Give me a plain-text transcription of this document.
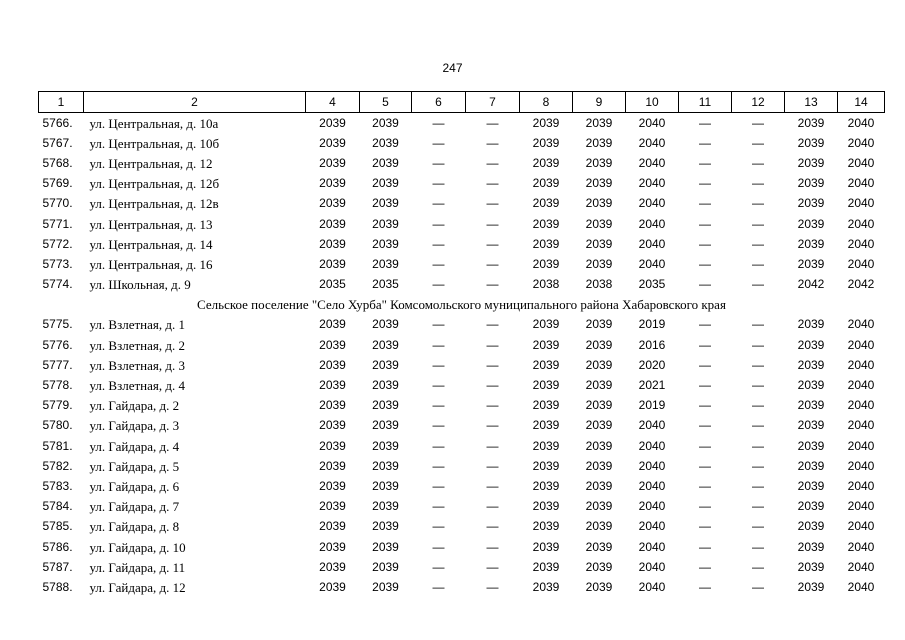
247
1	2	4	5	6	7	8	9	10	11	12	13	14
5766.	ул. Центральная, д. 10а	2039	2039	—	—	2039	2039	2040	—	—	2039	2040
5767.	ул. Центральная, д. 10б	2039	2039	—	—	2039	2039	2040	—	—	2039	2040
5768.	ул. Центральная, д. 12	2039	2039	—	—	2039	2039	2040	—	—	2039	2040
5769.	ул. Центральная, д. 12б	2039	2039	—	—	2039	2039	2040	—	—	2039	2040
5770.	ул. Центральная, д. 12в	2039	2039	—	—	2039	2039	2040	—	—	2039	2040
5771.	ул. Центральная, д. 13	2039	2039	—	—	2039	2039	2040	—	—	2039	2040
5772.	ул. Центральная, д. 14	2039	2039	—	—	2039	2039	2040	—	—	2039	2040
5773.	ул. Центральная, д. 16	2039	2039	—	—	2039	2039	2040	—	—	2039	2040
5774.	ул. Школьная, д. 9	2035	2035	—	—	2038	2038	2035	—	—	2042	2042
Сельское поселение "Село Хурба" Комсомольского муниципального района Хабаровского края												
5775.	ул. Взлетная, д. 1	2039	2039	—	—	2039	2039	2019	—	—	2039	2040
5776.	ул. Взлетная, д. 2	2039	2039	—	—	2039	2039	2016	—	—	2039	2040
5777.	ул. Взлетная, д. 3	2039	2039	—	—	2039	2039	2020	—	—	2039	2040
5778.	ул. Взлетная, д. 4	2039	2039	—	—	2039	2039	2021	—	—	2039	2040
5779.	ул. Гайдара, д. 2	2039	2039	—	—	2039	2039	2019	—	—	2039	2040
5780.	ул. Гайдара, д. 3	2039	2039	—	—	2039	2039	2040	—	—	2039	2040
5781.	ул. Гайдара, д. 4	2039	2039	—	—	2039	2039	2040	—	—	2039	2040
5782.	ул. Гайдара, д. 5	2039	2039	—	—	2039	2039	2040	—	—	2039	2040
5783.	ул. Гайдара, д. 6	2039	2039	—	—	2039	2039	2040	—	—	2039	2040
5784.	ул. Гайдара, д. 7	2039	2039	—	—	2039	2039	2040	—	—	2039	2040
5785.	ул. Гайдара, д. 8	2039	2039	—	—	2039	2039	2040	—	—	2039	2040
5786.	ул. Гайдара, д. 10	2039	2039	—	—	2039	2039	2040	—	—	2039	2040
5787.	ул. Гайдара, д. 11	2039	2039	—	—	2039	2039	2040	—	—	2039	2040
5788.	ул. Гайдара, д. 12	2039	2039	—	—	2039	2039	2040	—	—	2039	2040
